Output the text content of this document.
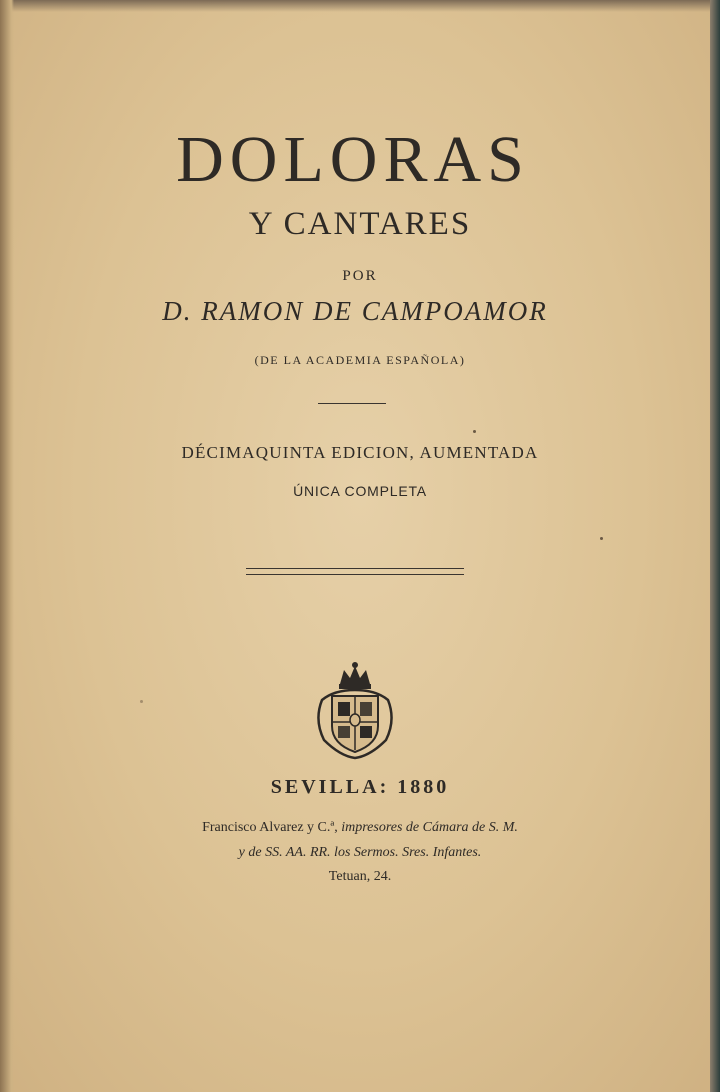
DOLORAS
Y CANTARES
POR
D. RAMON DE CAMPOAMOR
(DE LA ACADEMIA ESPAÑOLA)
DÉCIMAQUINTA EDICION, AUMENTADA
ÚNICA COMPLETA
SEVILLA: 1880
Francisco Alvarez y C.ª, impresores de Cámara de S. M.
y de SS. AA. RR. los Sermos. Sres. Infantes.
Tetuan, 24.
